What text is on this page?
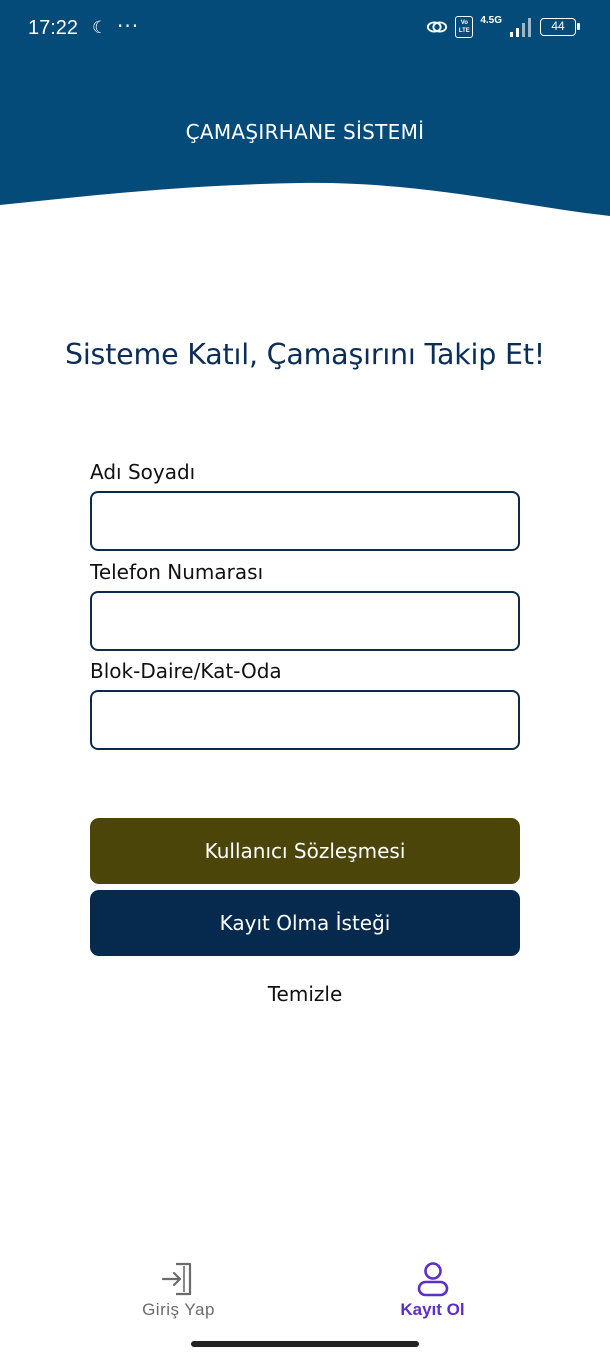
17:22 ☾ ···	Vo LTE
4.5G	44
ÇAMAŞIRHANE SİSTEMİ
Sisteme Katıl, Çamaşırını Takip Et!
Adı Soyadı
Telefon Numarası
Blok-Daire/Kat-Oda
Kullanıcı Sözleşmesi
Kayıt Olma İsteği
Temizle
Giriş Yap	Kayıt Ol
